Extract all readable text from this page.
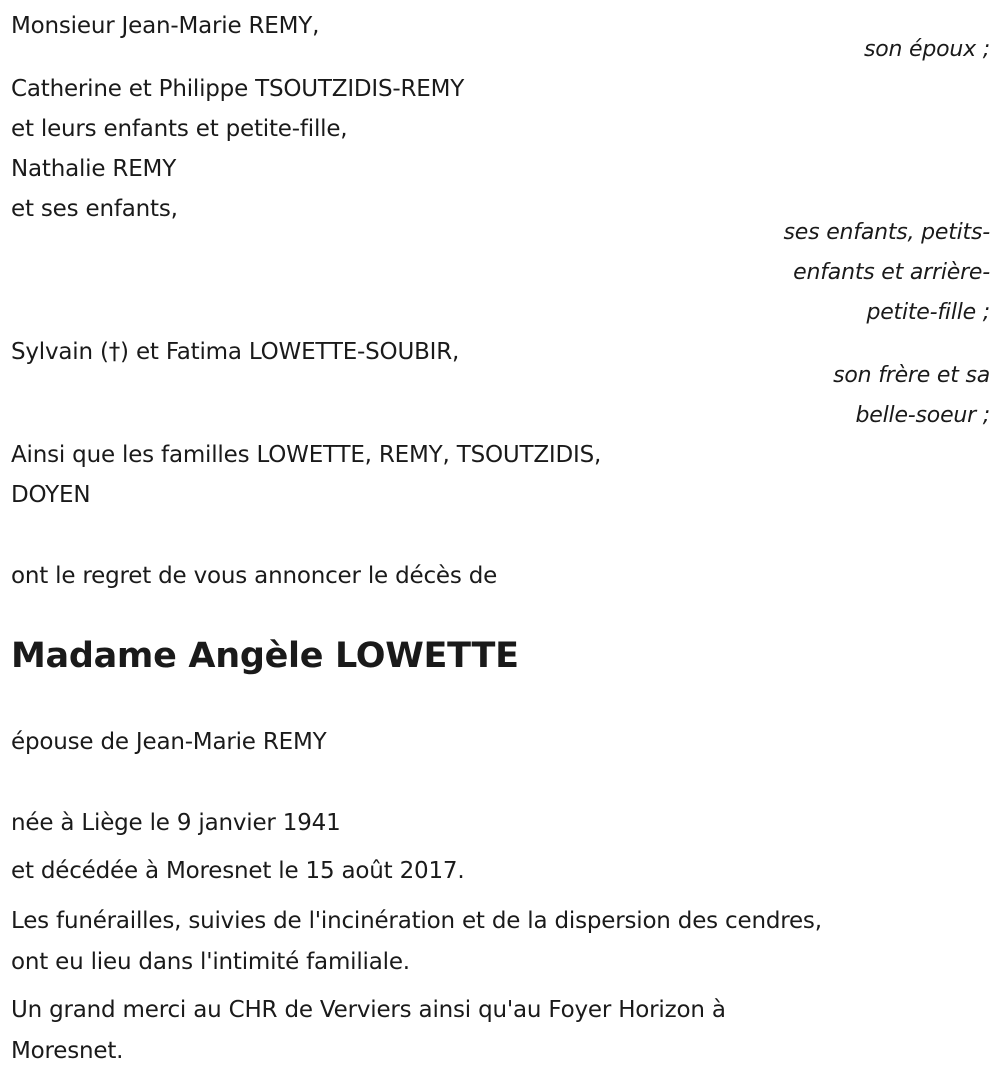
Monsieur Jean-Marie REMY,
son époux ;
Catherine et Philippe TSOUTZIDIS-REMY
et leurs enfants et petite-fille,
Nathalie REMY
et ses enfants,
ses enfants, petits-
enfants et arrière-
petite-fille ;
Sylvain (†) et Fatima LOWETTE-SOUBIR,
son frère et sa
belle-soeur ;
Ainsi que les familles LOWETTE, REMY, TSOUTZIDIS,
DOYEN
ont le regret de vous annoncer le décès de
Madame Angèle LOWETTE
épouse de Jean-Marie REMY
née à Liège le 9 janvier 1941
et décédée à Moresnet le 15 août 2017.
Les funérailles, suivies de l'incinération et de la dispersion des cendres,
ont eu lieu dans l'intimité familiale.
Un grand merci au CHR de Verviers ainsi qu'au Foyer Horizon à
Moresnet.
